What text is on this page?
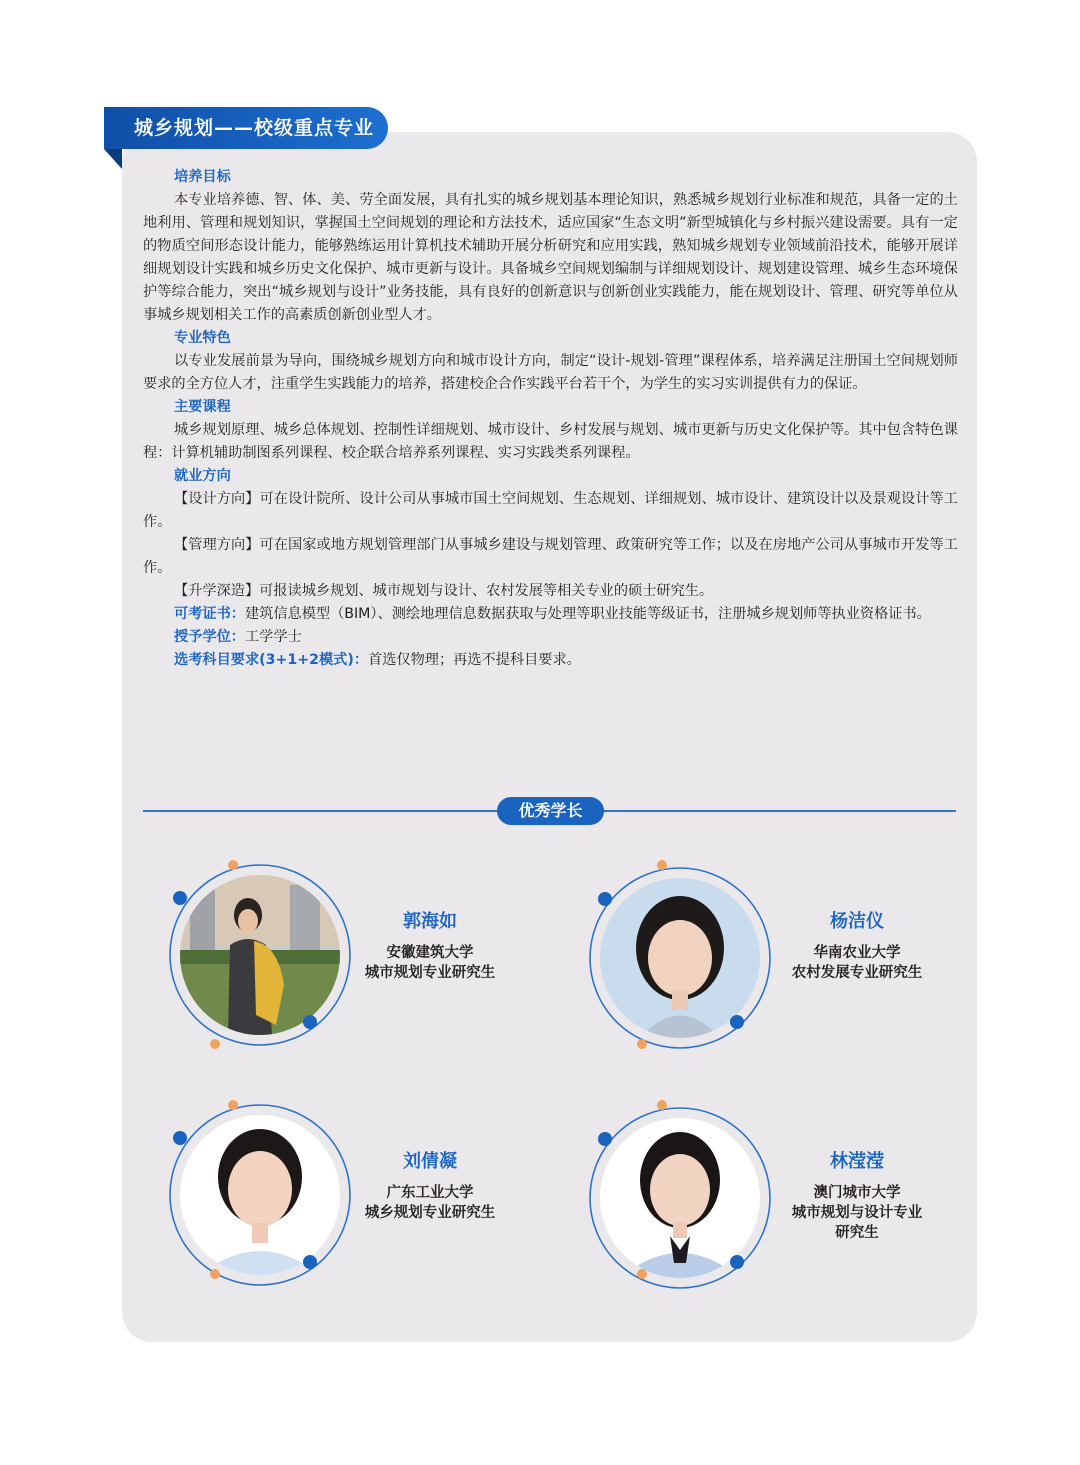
城乡规划——校级重点专业
培养目标

本专业培养德、智、体、美、劳全面发展，具有扎实的城乡规划基本理论知识，熟悉城乡规划行业标准和规范，具备一定的土地利用、管理和规划知识，掌握国土空间规划的理论和方法技术，适应国家“生态文明”新型城镇化与乡村振兴建设需要。具有一定的物质空间形态设计能力，能够熟练运用计算机技术辅助开展分析研究和应用实践，熟知城乡规划专业领域前沿技术，能够开展详细规划设计实践和城乡历史文化保护、城市更新与设计。具备城乡空间规划编制与详细规划设计、规划建设管理、城乡生态环境保护等综合能力，突出“城乡规划与设计”业务技能，具有良好的创新意识与创新创业实践能力，能在规划设计、管理、研究等单位从事城乡规划相关工作的高素质创新创业型人才。

专业特色

以专业发展前景为导向，围绕城乡规划方向和城市设计方向，制定“设计-规划-管理”课程体系，培养满足注册国土空间规划师要求的全方位人才，注重学生实践能力的培养，搭建校企合作实践平台若干个，为学生的实习实训提供有力的保证。

主要课程

城乡规划原理、城乡总体规划、控制性详细规划、城市设计、乡村发展与规划、城市更新与历史文化保护等。其中包含特色课程：计算机辅助制图系列课程、校企联合培养系列课程、实习实践类系列课程。

就业方向

【设计方向】可在设计院所、设计公司从事城市国土空间规划、生态规划、详细规划、城市设计、建筑设计以及景观设计等工作。

【管理方向】可在国家或地方规划管理部门从事城乡建设与规划管理、政策研究等工作；以及在房地产公司从事城市开发等工作。

【升学深造】可报读城乡规划、城市规划与设计、农村发展等相关专业的硕士研究生。

可考证书：建筑信息模型（BIM）、测绘地理信息数据获取与处理等职业技能等级证书，注册城乡规划师等执业资格证书。

授予学位：工学学士
选考科目要求(3+1+2模式)：首选仅物理；再选不提科目要求。
优秀学长
郭海如
安徽建筑大学
城市规划专业研究生
杨洁仪
华南农业大学
农村发展专业研究生
刘倩凝
广东工业大学
城乡规划专业研究生
林滢滢
澳门城市大学
城市规划与设计专业
研究生
